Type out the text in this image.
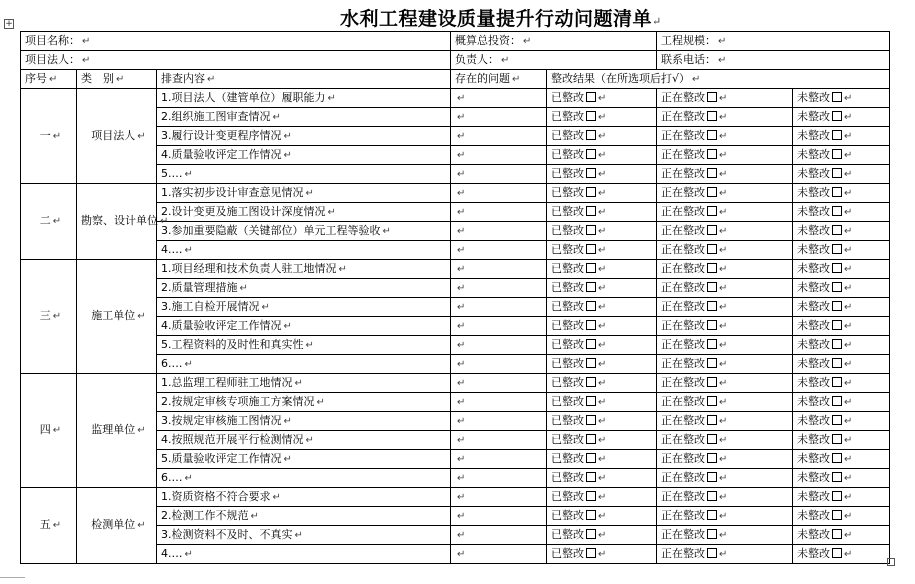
+	水利工程建设质量提升行动问题清单↵
项目名称： ↵			概算总投资： ↵		工程规模： ↵	
项目法人： ↵			负责人： ↵		联系电话： ↵	
序号 ↵	类　别 ↵	排查内容 ↵	存在的问题 ↵	整改结果（在所选项后打√） ↵		
一 ↵	项目法人 ↵	1.项目法人（建管单位）履职能力 ↵	↵	已整改 ↵	正在整改 ↵	未整改 ↵
		2.组织施工图审查情况 ↵	↵	已整改 ↵	正在整改 ↵	未整改 ↵
		3.履行设计变更程序情况 ↵	↵	已整改 ↵	正在整改 ↵	未整改 ↵
		4.质量验收评定工作情况 ↵	↵	已整改 ↵	正在整改 ↵	未整改 ↵
		5.… ↵	↵	已整改 ↵	正在整改 ↵	未整改 ↵
二 ↵	勘察、设计单位 ↵	1.落实初步设计审查意见情况 ↵	↵	已整改 ↵	正在整改 ↵	未整改 ↵
		2.设计变更及施工图设计深度情况 ↵	↵	已整改 ↵	正在整改 ↵	未整改 ↵
		3.参加重要隐蔽（关键部位）单元工程等验收 ↵	↵	已整改 ↵	正在整改 ↵	未整改 ↵
		4.… ↵	↵	已整改 ↵	正在整改 ↵	未整改 ↵
三 ↵	施工单位 ↵	1.项目经理和技术负责人驻工地情况 ↵	↵	已整改 ↵	正在整改 ↵	未整改 ↵
		2.质量管理措施 ↵	↵	已整改 ↵	正在整改 ↵	未整改 ↵
		3.施工自检开展情况 ↵	↵	已整改 ↵	正在整改 ↵	未整改 ↵
		4.质量验收评定工作情况 ↵	↵	已整改 ↵	正在整改 ↵	未整改 ↵
		5.工程资料的及时性和真实性 ↵	↵	已整改 ↵	正在整改 ↵	未整改 ↵
		6.… ↵	↵	已整改 ↵	正在整改 ↵	未整改 ↵
四 ↵	监理单位 ↵	1.总监理工程师驻工地情况 ↵	↵	已整改 ↵	正在整改 ↵	未整改 ↵
		2.按规定审核专项施工方案情况 ↵	↵	已整改 ↵	正在整改 ↵	未整改 ↵
		3.按规定审核施工图情况 ↵	↵	已整改 ↵	正在整改 ↵	未整改 ↵
		4.按照规范开展平行检测情况 ↵	↵	已整改 ↵	正在整改 ↵	未整改 ↵
		5.质量验收评定工作情况 ↵	↵	已整改 ↵	正在整改 ↵	未整改 ↵
		6.… ↵	↵	已整改 ↵	正在整改 ↵	未整改 ↵
五 ↵	检测单位 ↵	1.资质资格不符合要求 ↵	↵	已整改 ↵	正在整改 ↵	未整改 ↵
		2.检测工作不规范 ↵	↵	已整改 ↵	正在整改 ↵	未整改 ↵
		3.检测资料不及时、不真实 ↵	↵	已整改 ↵	正在整改 ↵	未整改 ↵
		4.… ↵	↵	已整改 ↵	正在整改 ↵	未整改 ↵
